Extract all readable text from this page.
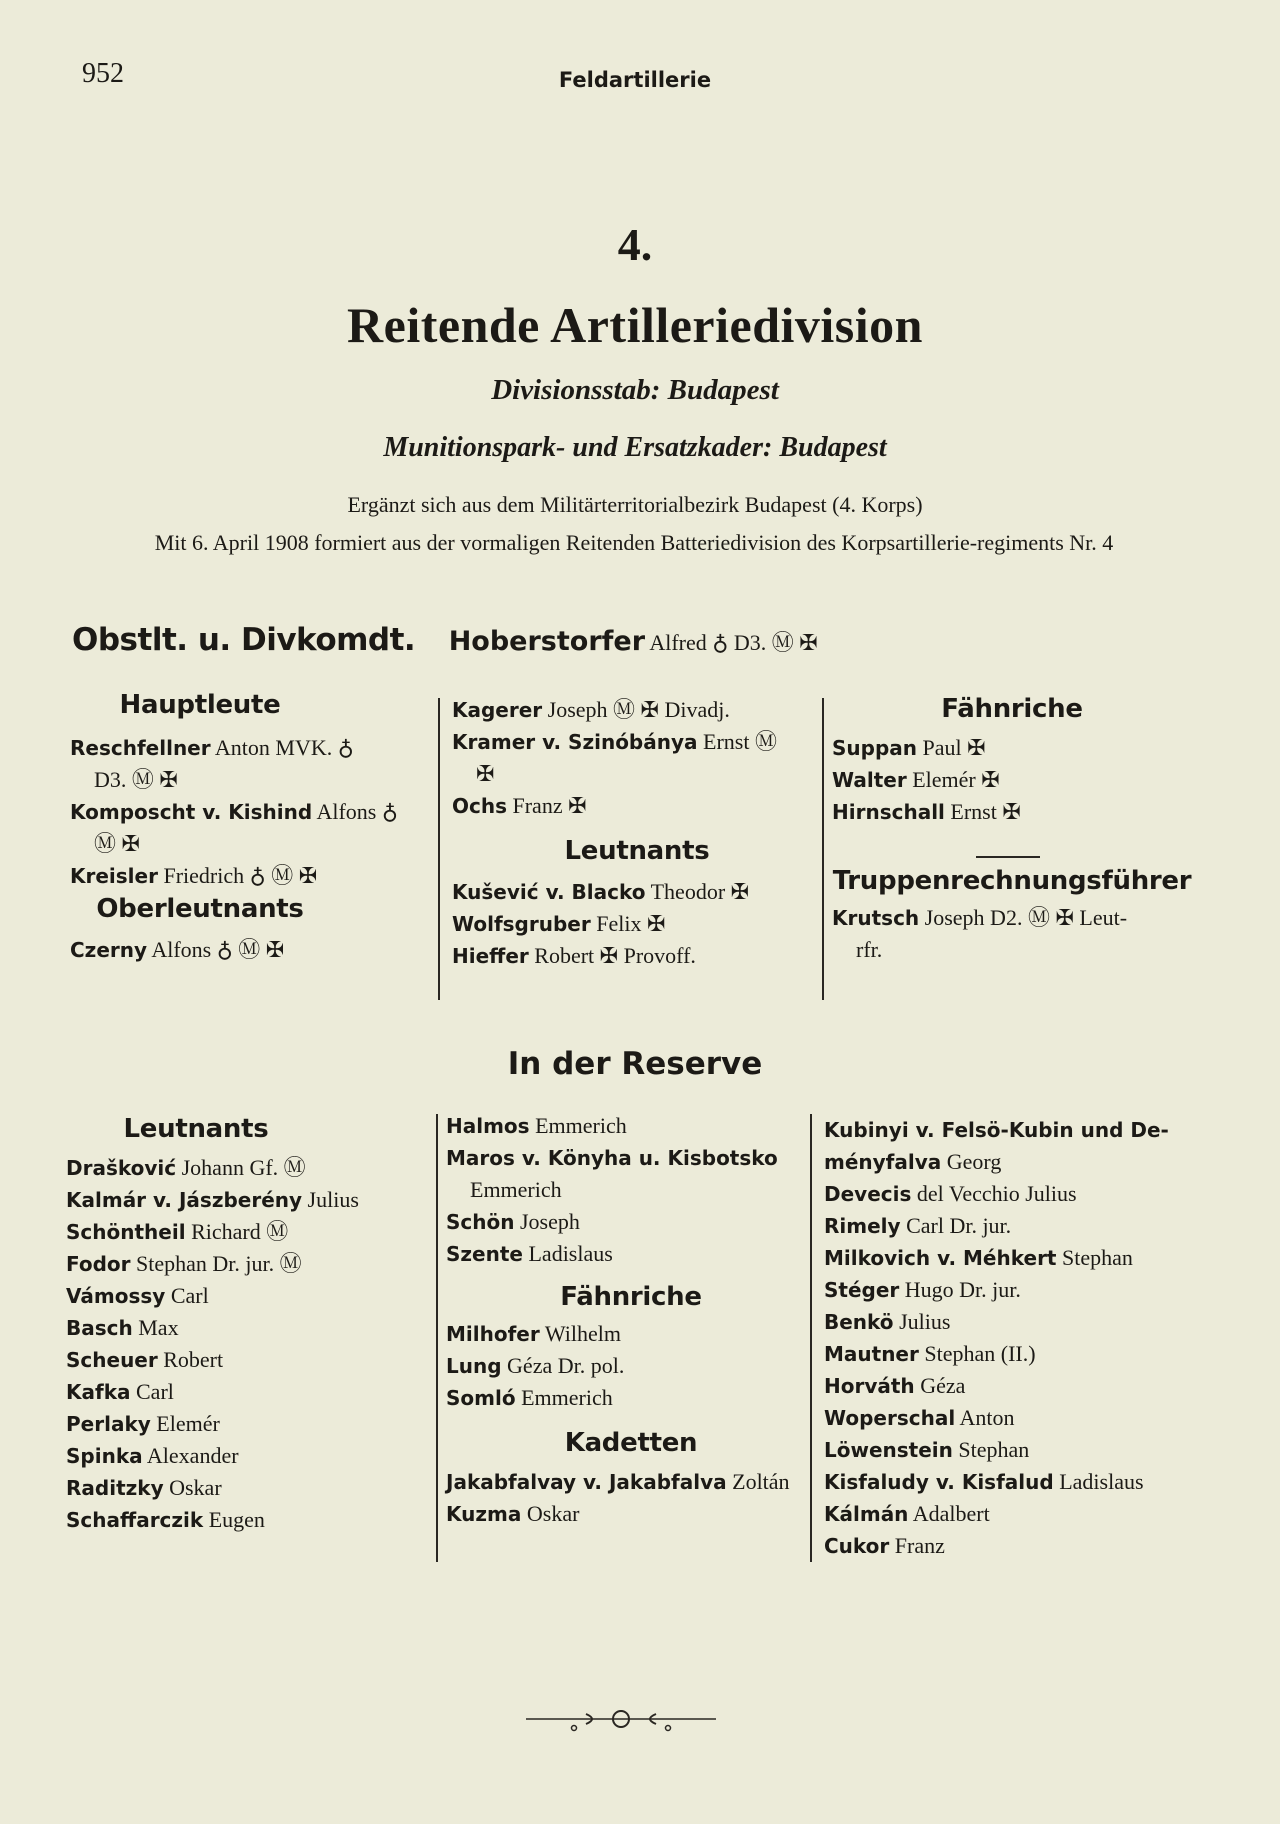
952	Feldartillerie
4.
Reitende Artilleriedivision
Divisionsstab: Budapest
Munitionspark- und Ersatzkader: Budapest
Ergänzt sich aus dem Militärterritorialbezirk Budapest (4. Korps)
Mit 6. April 1908 formiert aus der vormaligen Reitenden Batteriedivision des Korpsartillerie-regiments Nr. 4
Obstlt. u. Divkomdt. Hoberstorfer Alfred ♁ D3. Ⓜ ✠
Hauptleute
Reschfellner Anton MVK. ♁
D3. Ⓜ ✠
Komposcht v. Kishind Alfons ♁
Ⓜ ✠
Kreisler Friedrich ♁ Ⓜ ✠
Oberleutnants
Czerny Alfons ♁ Ⓜ ✠
Kagerer Joseph Ⓜ ✠ Divadj.
Kramer v. Szinóbánya Ernst Ⓜ
✠
Ochs Franz ✠
Leutnants
Kušević v. Blacko Theodor ✠
Wolfsgruber Felix ✠
Hieffer Robert ✠ Provoff.
Fähnriche
Suppan Paul ✠
Walter Elemér ✠
Hirnschall Ernst ✠
Truppenrechnungsführer
Krutsch Joseph D2. Ⓜ ✠ Leut-
rfr.
In der Reserve
Leutnants
Drašković Johann Gf. Ⓜ
Kalmár v. Jászberény Julius
Schöntheil Richard Ⓜ
Fodor Stephan Dr. jur. Ⓜ
Vámossy Carl
Basch Max
Scheuer Robert
Kafka Carl
Perlaky Elemér
Spinka Alexander
Raditzky Oskar
Schaffarczik Eugen
Halmos Emmerich
Maros v. Könyha u. Kisbotsko
Emmerich
Schön Joseph
Szente Ladislaus
Fähnriche
Milhofer Wilhelm
Lung Géza Dr. pol.
Somló Emmerich
Kadetten
Jakabfalvay v. Jakabfalva Zoltán
Kuzma Oskar
Kubinyi v. Felsö-Kubin und De-
ményfalva Georg
Devecis del Vecchio Julius
Rimely Carl Dr. jur.
Milkovich v. Méhkert Stephan
Stéger Hugo Dr. jur.
Benkö Julius
Mautner Stephan (II.)
Horváth Géza
Woperschal Anton
Löwenstein Stephan
Kisfaludy v. Kisfalud Ladislaus
Kálmán Adalbert
Cukor Franz
